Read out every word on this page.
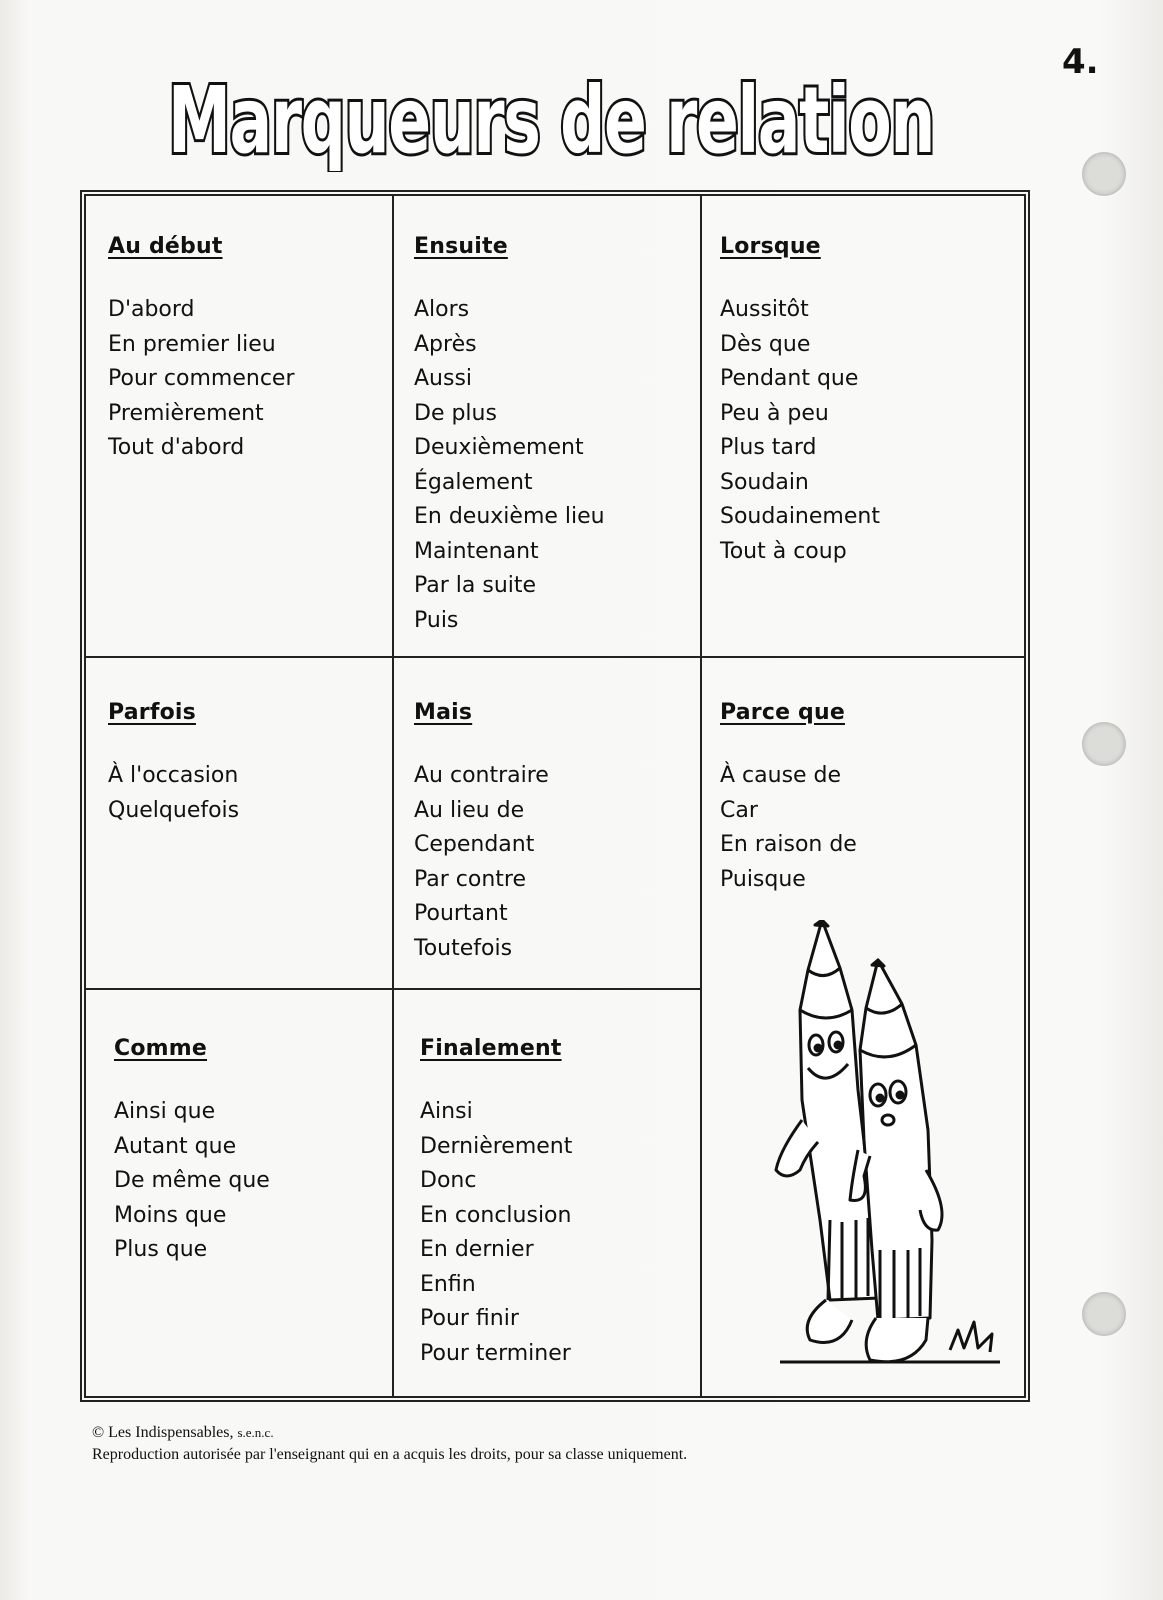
4.
Marqueurs de relation
Au début
D'abord
En premier lieu
Pour commencer
Premièrement
Tout d'abord
Ensuite
Alors
Après
Aussi
De plus
Deuxièmement
Également
En deuxième lieu
Maintenant
Par la suite
Puis
Lorsque
Aussitôt
Dès que
Pendant que
Peu à peu
Plus tard
Soudain
Soudainement
Tout à coup
Parfois
À l'occasion
Quelquefois
Mais
Au contraire
Au lieu de
Cependant
Par contre
Pourtant
Toutefois
Parce que
À cause de
Car
En raison de
Puisque
Comme
Ainsi que
Autant que
De même que
Moins que
Plus que
Finalement
Ainsi
Dernièrement
Donc
En conclusion
En dernier
Enfin
Pour finir
Pour terminer
© Les Indispensables, s.e.n.c.
Reproduction autorisée par l'enseignant qui en a acquis les droits, pour sa classe uniquement.
